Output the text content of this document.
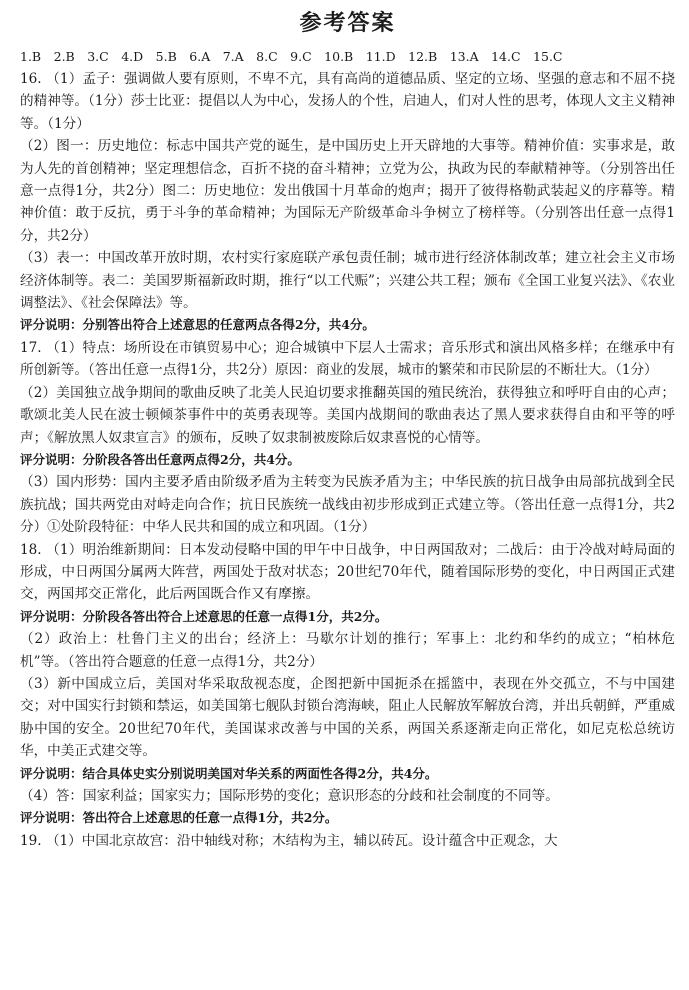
参考答案

1.B　2.B　3.C　4.D　5.B　6.A　7.A　8.C　9.C　10.B　11.D　12.B　13.A　14.C　15.C

16. （1）孟子：强调做人要有原则，不卑不亢，具有高尚的道德品质、坚定的立场、坚强的意志和不屈不挠的精神等。（1分）莎士比亚：提倡以人为中心，发扬人的个性，启迪人，们对人性的思考，体现人文主义精神等。（1分）

（2）图一：历史地位：标志中国共产党的诞生，是中国历史上开天辟地的大事等。精神价值：实事求是，敢为人先的首创精神；坚定理想信念，百折不挠的奋斗精神；立党为公，执政为民的奉献精神等。（分别答出任意一点得1分，共2分）图二：历史地位：发出俄国十月革命的炮声；揭开了彼得格勒武装起义的序幕等。精神价值：敢于反抗，勇于斗争的革命精神；为国际无产阶级革命斗争树立了榜样等。（分别答出任意一点得1分，共2分）

（3）表一：中国改革开放时期，农村实行家庭联产承包责任制；城市进行经济体制改革；建立社会主义市场经济体制等。表二：美国罗斯福新政时期，推行“以工代赈”；兴建公共工程；颁布《全国工业复兴法》、《农业调整法》、《社会保障法》等。

评分说明：分别答出符合上述意思的任意两点各得2分，共4分。

17. （1）特点：场所设在市镇贸易中心；迎合城镇中下层人士需求；音乐形式和演出风格多样；在继承中有所创新等。（答出任意一点得1分，共2分）原因：商业的发展，城市的繁荣和市民阶层的不断壮大。（1分）

（2）美国独立战争期间的歌曲反映了北美人民迫切要求推翻英国的殖民统治，获得独立和呼吁自由的心声；歌颂北美人民在波士顿倾茶事件中的英勇表现等。美国内战期间的歌曲表达了黑人要求获得自由和平等的呼声；《解放黑人奴隶宣言》的颁布，反映了奴隶制被废除后奴隶喜悦的心情等。

评分说明：分阶段各答出任意两点得2分，共4分。

（3）国内形势：国内主要矛盾由阶级矛盾为主转变为民族矛盾为主；中华民族的抗日战争由局部抗战到全民族抗战；国共两党由对峙走向合作；抗日民族统一战线由初步形成到正式建立等。（答出任意一点得1分，共2分）①处阶段特征：中华人民共和国的成立和巩固。（1分）

18. （1）明治维新期间：日本发动侵略中国的甲午中日战争，中日两国敌对；二战后：由于冷战对峙局面的形成，中日两国分属两大阵营，两国处于敌对状态；20世纪70年代，随着国际形势的变化，中日两国正式建交，两国邦交正常化，此后两国既合作又有摩擦。

评分说明：分阶段各答出符合上述意思的任意一点得1分，共2分。

（2）政治上：杜鲁门主义的出台；经济上：马歇尔计划的推行；军事上：北约和华约的成立；“柏林危机”等。（答出符合题意的任意一点得1分，共2分）

（3）新中国成立后，美国对华采取敌视态度，企图把新中国扼杀在摇篮中，表现在外交孤立，不与中国建交；对中国实行封锁和禁运，如美国第七舰队封锁台湾海峡，阻止人民解放军解放台湾，并出兵朝鲜，严重威胁中国的安全。20世纪70年代，美国谋求改善与中国的关系，两国关系逐渐走向正常化，如尼克松总统访华，中美正式建交等。

评分说明：结合具体史实分别说明美国对华关系的两面性各得2分，共4分。

（4）答：国家利益；国家实力；国际形势的变化；意识形态的分歧和社会制度的不同等。

评分说明：答出符合上述意思的任意一点得1分，共2分。

19. （1）中国北京故宫：沿中轴线对称；木结构为主，辅以砖瓦。设计蕴含中正观念，大
